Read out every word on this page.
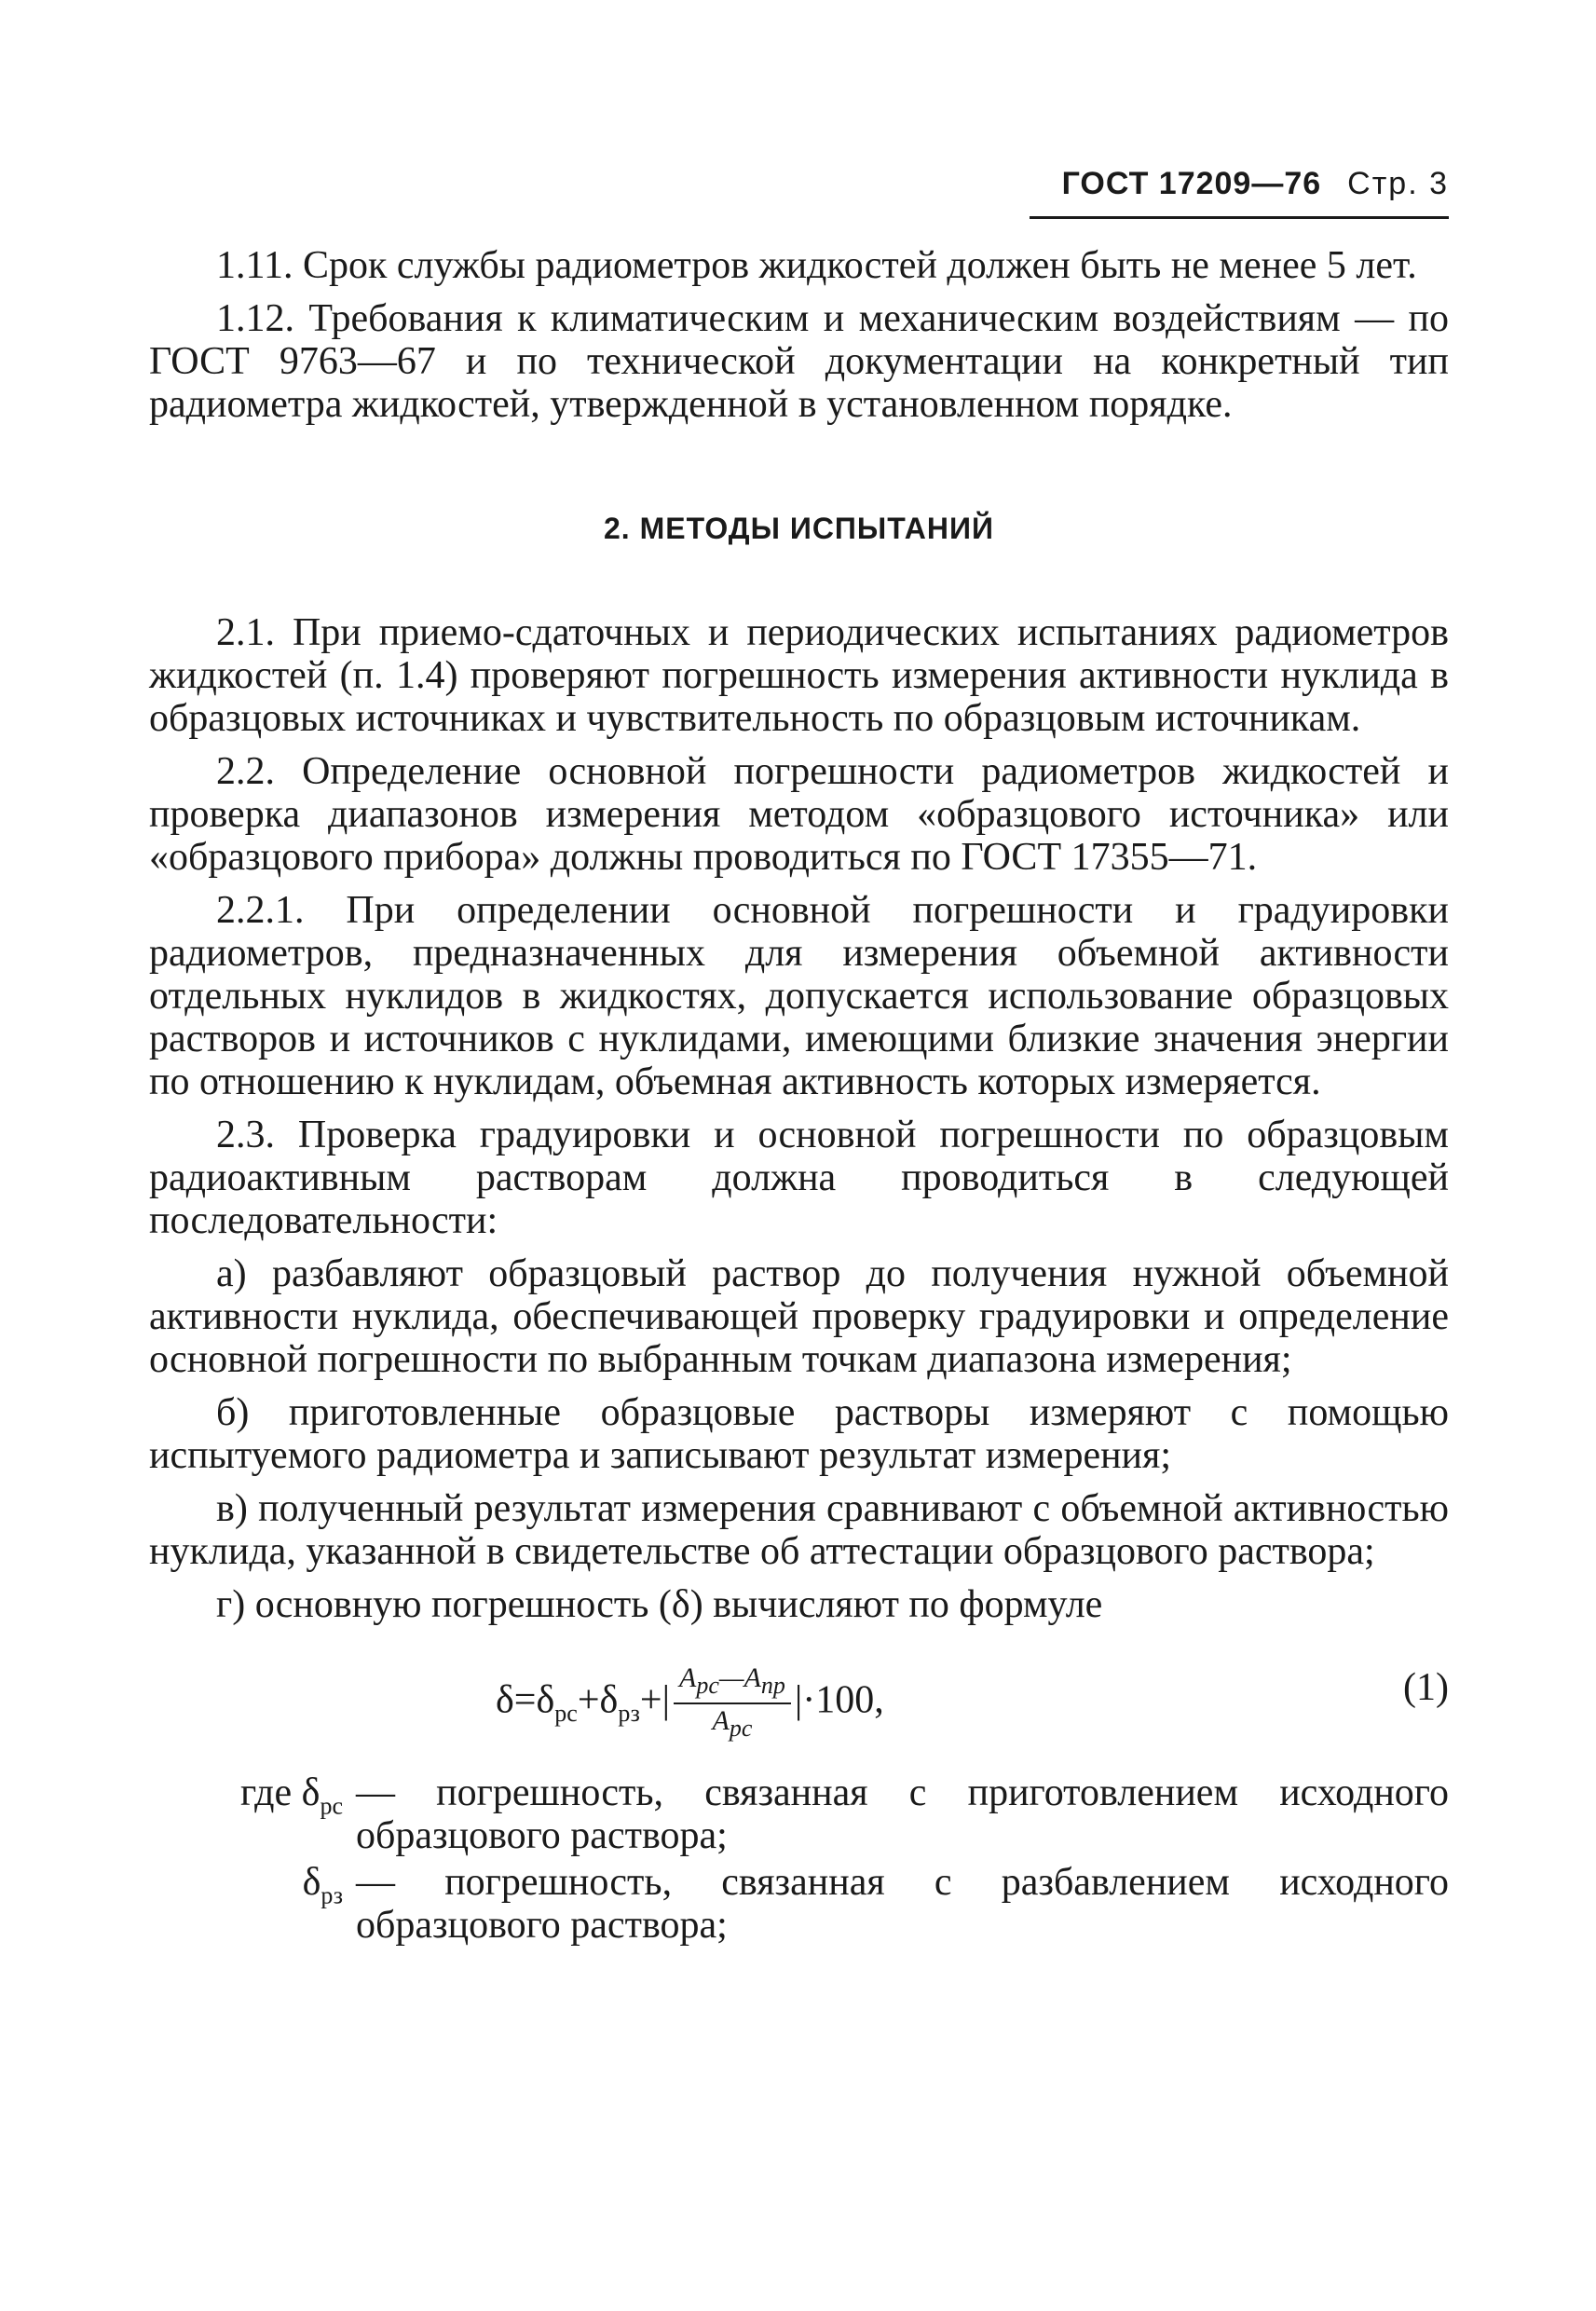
ГОСТ 17209—76 Стр. 3

1.11. Срок службы радиометров жидкостей должен быть не менее 5 лет.

1.12. Требования к климатическим и механическим воздействиям — по ГОСТ 9763—67 и по технической документации на конкретный тип радиометра жидкостей, утвержденной в установленном порядке.

2. МЕТОДЫ ИСПЫТАНИЙ

2.1. При приемо-сдаточных и периодических испытаниях радиометров жидкостей (п. 1.4) проверяют погрешность измерения активности нуклида в образцовых источниках и чувствительность по образцовым источникам.

2.2. Определение основной погрешности радиометров жидкостей и проверка диапазонов измерения методом «образцового источника» или «образцового прибора» должны проводиться по ГОСТ 17355—71.

2.2.1. При определении основной погрешности и градуировки радиометров, предназначенных для измерения объемной активности отдельных нуклидов в жидкостях, допускается использование образцовых растворов и источников с нуклидами, имеющими близкие значения энергии по отношению к нуклидам, объемная активность которых измеряется.

2.3. Проверка градуировки и основной погрешности по образцовым радиоактивным растворам должна проводиться в следующей последовательности:

а) разбавляют образцовый раствор до получения нужной объемной активности нуклида, обеспечивающей проверку градуировки и определение основной погрешности по выбранным точкам диапазона измерения;

б) приготовленные образцовые растворы измеряют с помощью испытуемого радиометра и записывают результат измерения;

в) полученный результат измерения сравнивают с объемной активностью нуклида, указанной в свидетельстве об аттестации образцового раствора;

г) основную погрешность (δ) вычисляют по формуле

$\delta=\delta_{рс}+\delta_{рз}+| \frac{A_{рс}—A_{пр}}{A_{рс}} |\cdot 100$,	(1)
где $\delta_{рс}$ — погрешность, связанная с приготовлением исходного образцового раствора;
$\delta_{рз}$ — погрешность, связанная с разбавлением исходного образцового раствора;
